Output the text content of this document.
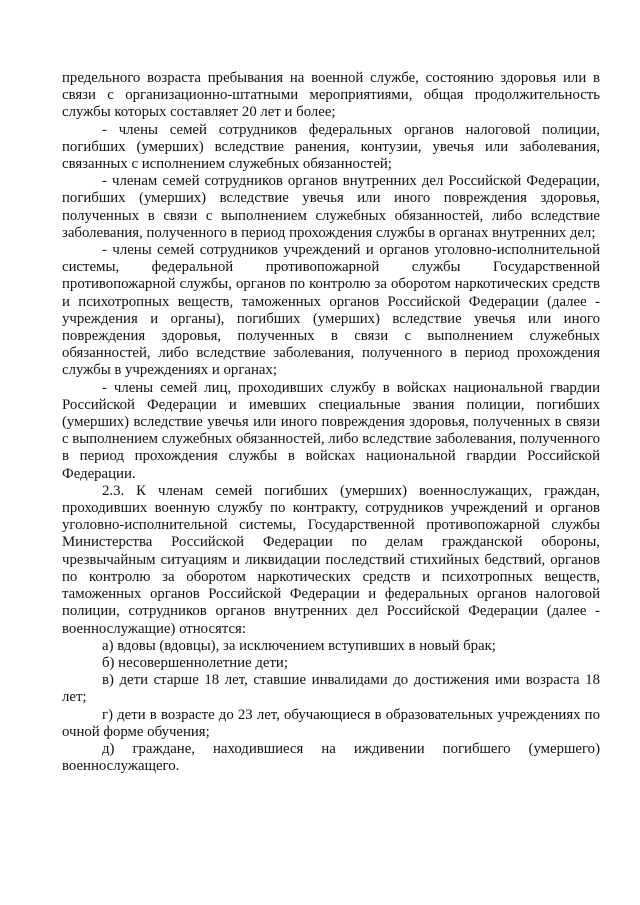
предельного возраста пребывания на военной службе, состоянию здоровья или в связи с организационно-штатными мероприятиями, общая продолжительность службы которых составляет 20 лет и более;

- члены семей сотрудников федеральных органов налоговой полиции, погибших (умерших) вследствие ранения, контузии, увечья или заболевания, связанных с исполнением служебных обязанностей;

- членам семей сотрудников органов внутренних дел Российской Федерации, погибших (умерших) вследствие увечья или иного повреждения здоровья, полученных в связи с выполнением служебных обязанностей, либо вследствие заболевания, полученного в период прохождения службы в органах внутренних дел;

- члены семей сотрудников учреждений и органов уголовно-исполнительной системы, федеральной противопожарной службы Государственной противопожарной службы, органов по контролю за оборотом наркотических средств и психотропных веществ, таможенных органов Российской Федерации (далее - учреждения и органы), погибших (умерших) вследствие увечья или иного повреждения здоровья, полученных в связи с выполнением служебных обязанностей, либо вследствие заболевания, полученного в период прохождения службы в учреждениях и органах;

- члены семей лиц, проходивших службу в войсках национальной гвардии Российской Федерации и имевших специальные звания полиции, погибших (умерших) вследствие увечья или иного повреждения здоровья, полученных в связи с выполнением служебных обязанностей, либо вследствие заболевания, полученного в период прохождения службы в войсках национальной гвардии Российской Федерации.

2.3. К членам семей погибших (умерших) военнослужащих, граждан, проходивших военную службу по контракту, сотрудников учреждений и органов уголовно-исполнительной системы, Государственной противопожарной службы Министерства Российской Федерации по делам гражданской обороны, чрезвычайным ситуациям и ликвидации последствий стихийных бедствий, органов по контролю за оборотом наркотических средств и психотропных веществ, таможенных органов Российской Федерации и федеральных органов налоговой полиции, сотрудников органов внутренних дел Российской Федерации (далее - военнослужащие) относятся:

а) вдовы (вдовцы), за исключением вступивших в новый брак;

б) несовершеннолетние дети;

в) дети старше 18 лет, ставшие инвалидами до достижения ими возраста 18 лет;

г) дети в возрасте до 23 лет, обучающиеся в образовательных учреждениях по очной форме обучения;

д) граждане, находившиеся на иждивении погибшего (умершего) военнослужащего.
